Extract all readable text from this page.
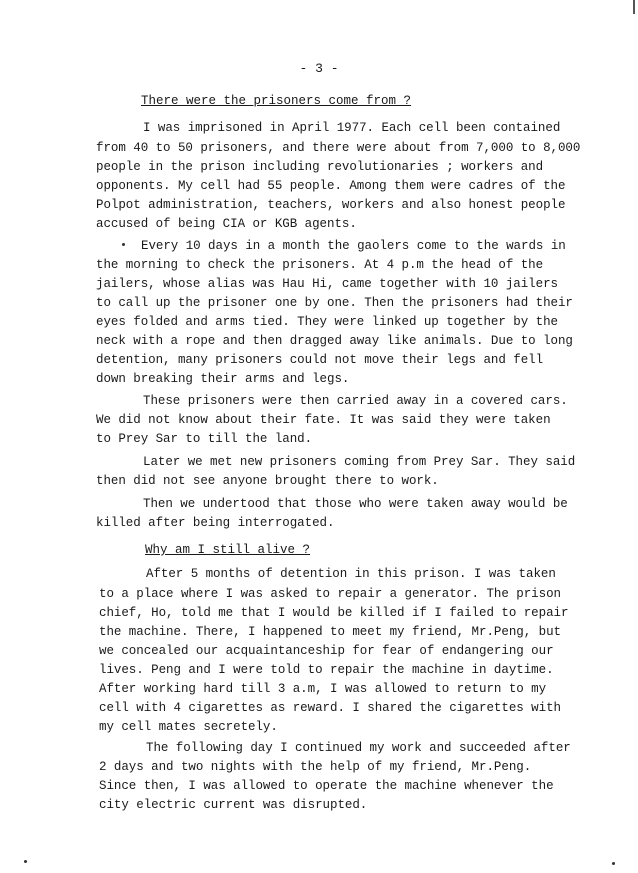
- 3 -
There were the prisoners come from ?
I was imprisoned in April 1977. Each cell been contained
from 40 to 50 prisoners, and there were about from 7,000 to 8,000
people in the prison including revolutionaries ; workers and
opponents. My cell had 55 people. Among them were cadres of the
Polpot administration, teachers, workers and also honest people
accused of being CIA or KGB agents.
Every 10 days in a month the gaolers come to the wards in
the morning to check the prisoners. At 4 p.m the head of the
jailers, whose alias was Hau Hi, came together with 10 jailers
to call up the prisoner one by one. Then the prisoners had their
eyes folded and arms tied. They were linked up together by the
neck with a rope and then dragged away like animals. Due to long
detention, many prisoners could not move their legs and fell
down breaking their arms and legs.
These prisoners were then carried away in a covered cars.
We did not know about their fate. It was said they were taken
to Prey Sar to till the land.
Later we met new prisoners coming from Prey Sar. They said
then did not see anyone brought there to work.
Then we undertood that those who were taken away would be
killed after being interrogated.
Why am I still alive ?
After 5 months of detention in this prison. I was taken
to a place where I was asked to repair a generator. The prison
chief, Ho, told me that I would be killed if I failed to repair
the machine. There, I happened to meet my friend, Mr.Peng, but
we concealed our acquaintanceship for fear of endangering our
lives. Peng and I were told to repair the machine in daytime.
After working hard till 3 a.m, I was allowed to return to my
cell with 4 cigarettes as reward. I shared the cigarettes with
my cell mates secretely.
The following day I continued my work and succeeded after
2 days and two nights with the help of my friend, Mr.Peng.
Since then, I was allowed to operate the machine whenever the
city electric current was disrupted.
